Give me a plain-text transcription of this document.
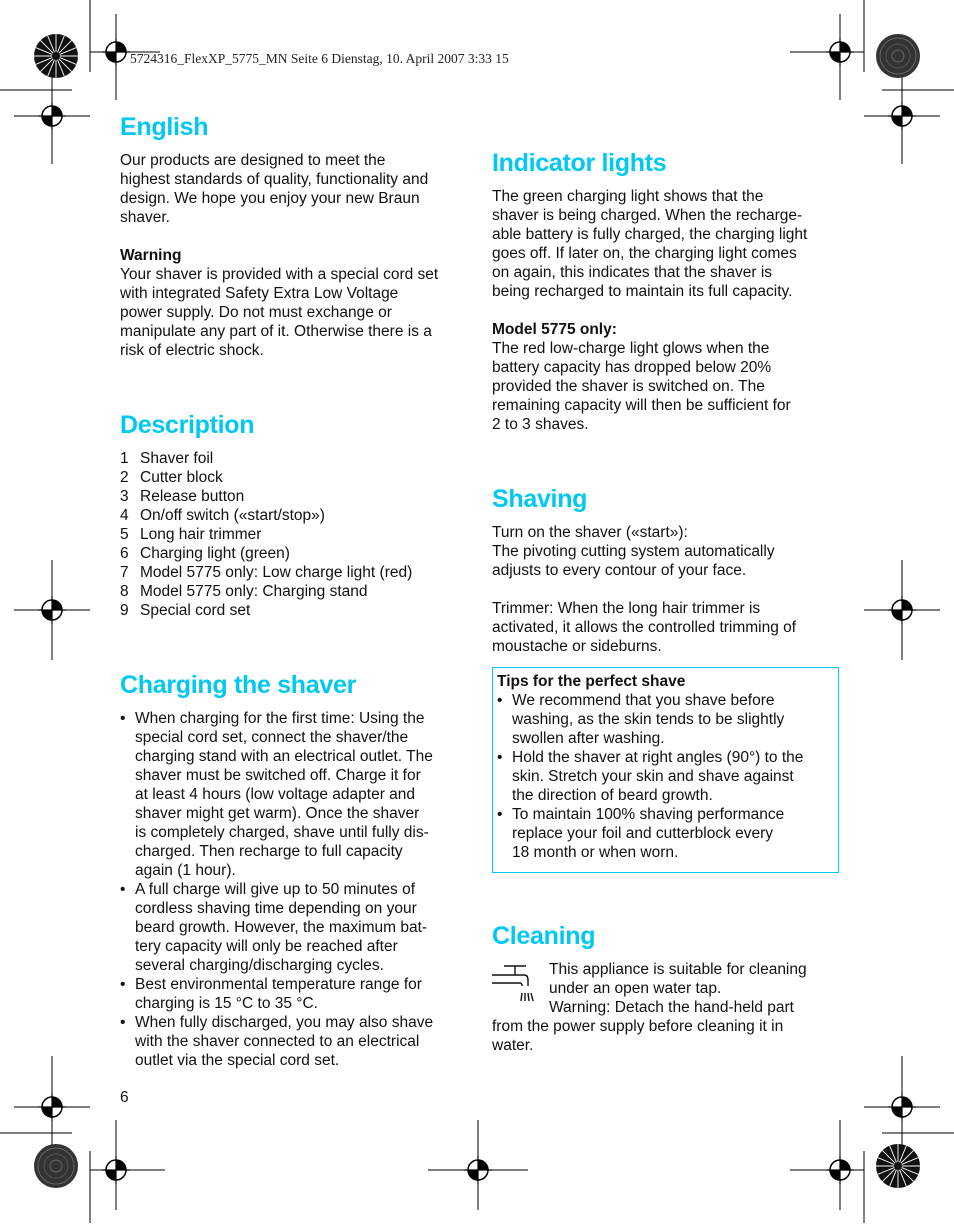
5724316_FlexXP_5775_MN Seite 6 Dienstag, 10. April 2007 3:33 15
English
Our products are designed to meet the
highest standards of quality, functionality and
design. We hope you enjoy your new Braun
shaver.
Warning
Your shaver is provided with a special cord set
with integrated Safety Extra Low Voltage
power supply. Do not must exchange or
manipulate any part of it. Otherwise there is a
risk of electric shock.
Description
1 Shaver foil
2 Cutter block
3 Release button
4 On/off switch («start/stop»)
5 Long hair trimmer
6 Charging light (green)
7 Model 5775 only: Low charge light (red)
8 Model 5775 only: Charging stand
9 Special cord set
Charging the shaver
• When charging for the first time: Using the
special cord set, connect the shaver/the
charging stand with an electrical outlet. The
shaver must be switched off. Charge it for
at least 4 hours (low voltage adapter and
shaver might get warm). Once the shaver
is completely charged, shave until fully dis-
charged. Then recharge to full capacity
again (1 hour).
• A full charge will give up to 50 minutes of
cordless shaving time depending on your
beard growth. However, the maximum bat-
tery capacity will only be reached after
several charging/discharging cycles.
• Best environmental temperature range for
charging is 15 °C to 35 °C.
• When fully discharged, you may also shave
with the shaver connected to an electrical
outlet via the special cord set.
6
Indicator lights
The green charging light shows that the
shaver is being charged. When the recharge-
able battery is fully charged, the charging light
goes off. If later on, the charging light comes
on again, this indicates that the shaver is
being recharged to maintain its full capacity.
Model 5775 only:
The red low-charge light glows when the
battery capacity has dropped below 20%
provided the shaver is switched on. The
remaining capacity will then be sufficient for
2 to 3 shaves.
Shaving
Turn on the shaver («start»):
The pivoting cutting system automatically
adjusts to every contour of your face.
Trimmer: When the long hair trimmer is
activated, it allows the controlled trimming of
moustache or sideburns.
Tips for the perfect shave
• We recommend that you shave before
washing, as the skin tends to be slightly
swollen after washing.
• Hold the shaver at right angles (90°) to the
skin. Stretch your skin and shave against
the direction of beard growth.
• To maintain 100% shaving performance
replace your foil and cutterblock every
18 month or when worn.
Cleaning
This appliance is suitable for cleaning
under an open water tap.
Warning: Detach the hand-held part
from the power supply before cleaning it in
water.
